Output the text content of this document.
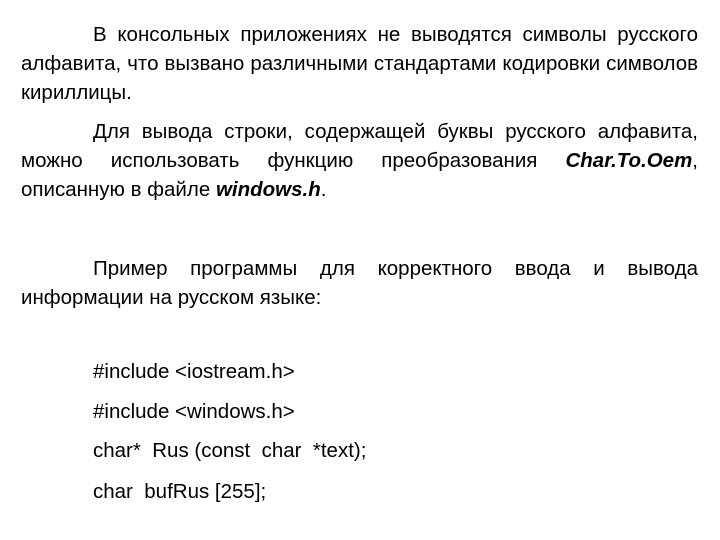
В консольных приложениях не выводятся символы русского алфавита, что вызвано различными стандартами кодировки символов кириллицы.

Для вывода строки, содержащей буквы русского алфавита, можно использовать функцию преобразования Char.To.Oem, описанную в файле windows.h.

Пример программы для корректного ввода и вывода информации на русском языке:

#include <iostream.h>

#include <windows.h>

char*  Rus (const  char  *text);

char  bufRus [255];
